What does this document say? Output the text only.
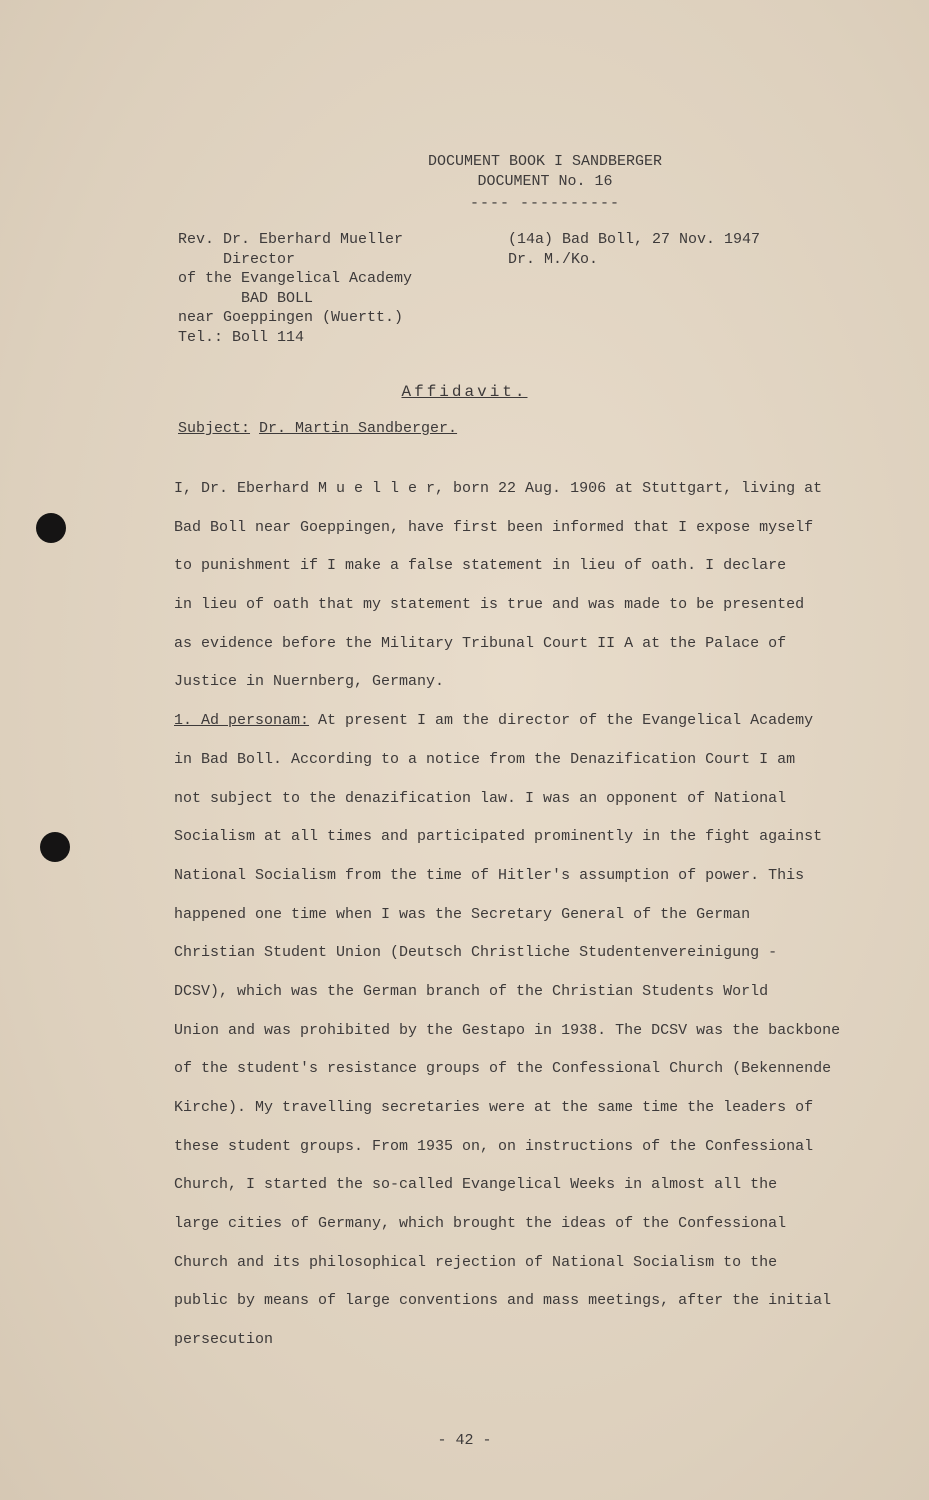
DOCUMENT BOOK I SANDBERGER
DOCUMENT No. 16
---- ----------
Rev. Dr. Eberhard Mueller
Director
of the Evangelical Academy
BAD BOLL
near Goeppingen (Wuertt.)
Tel.: Boll 114
(14a) Bad Boll, 27 Nov. 1947
Dr. M./Ko.
Affidavit.
Subject: Dr. Martin Sandberger.
I, Dr. Eberhard M u e l l e r, born 22 Aug. 1906 at Stuttgart, living at
Bad Boll near Goeppingen, have first been informed that I expose myself
to punishment if I make a false statement in lieu of oath. I declare
in lieu of oath that my statement is true and was made to be presented
as evidence before the Military Tribunal Court II A at the Palace of
Justice in Nuernberg, Germany.
1. Ad personam: At present I am the director of the Evangelical Academy
in Bad Boll. According to a notice from the Denazification Court I am
not subject to the denazification law. I was an opponent of National
Socialism at all times and participated prominently in the fight against
National Socialism from the time of Hitler's assumption of power. This
happened one time when I was the Secretary General of the German
Christian Student Union (Deutsch Christliche Studentenvereinigung -
DCSV), which was the German branch of the Christian Students World
Union and was prohibited by the Gestapo in 1938. The DCSV was the backbone
of the student's resistance groups of the Confessional Church (Bekennende
Kirche). My travelling secretaries were at the same time the leaders of
these student groups. From 1935 on, on instructions of the Confessional
Church, I started the so-called Evangelical Weeks in almost all the
large cities of Germany, which brought the ideas of the Confessional
Church and its philosophical rejection of National Socialism to the
public by means of large conventions and mass meetings, after the initial
persecution
- 42 -
